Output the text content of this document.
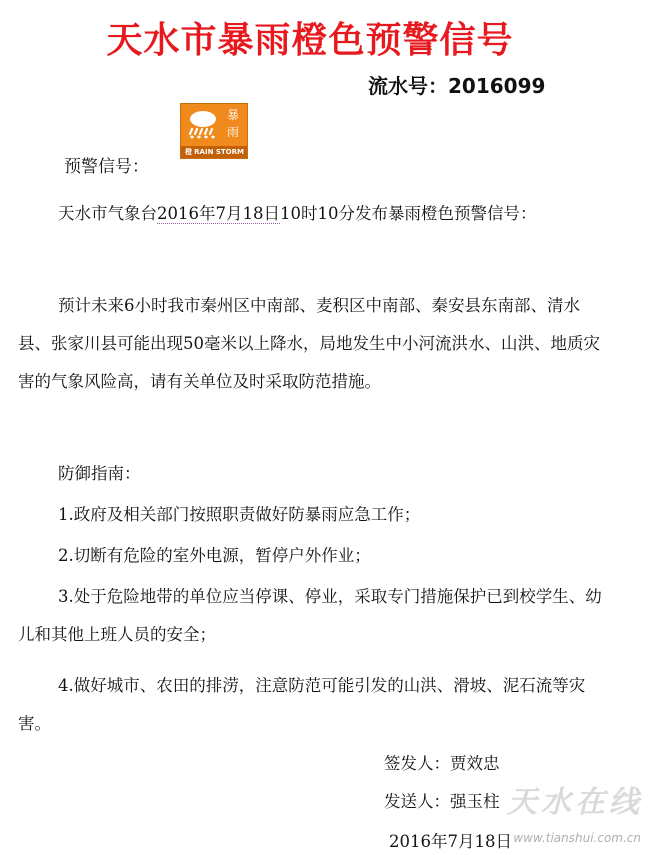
天水市暴雨橙色预警信号
流水号：2016099
暴
雨
橙 RAIN STORM
预警信号：

天水市气象台2016年7月18日10时10分发布暴雨橙色预警信号：

预计未来6小时我市秦州区中南部、麦积区中南部、秦安县东南部、清水县、张家川县可能出现50毫米以上降水，局地发生中小河流洪水、山洪、地质灾害的气象风险高，请有关单位及时采取防范措施。

防御指南：

1.政府及相关部门按照职责做好防暴雨应急工作；

2.切断有危险的室外电源，暂停户外作业；

3.处于危险地带的单位应当停课、停业，采取专门措施保护已到校学生、幼儿和其他上班人员的安全；

4.做好城市、农田的排涝，注意防范可能引发的山洪、滑坡、泥石流等灾害。

签发人：贾效忠
发送人：强玉柱
2016年7月18日
天水在线
www.tianshui.com.cn
